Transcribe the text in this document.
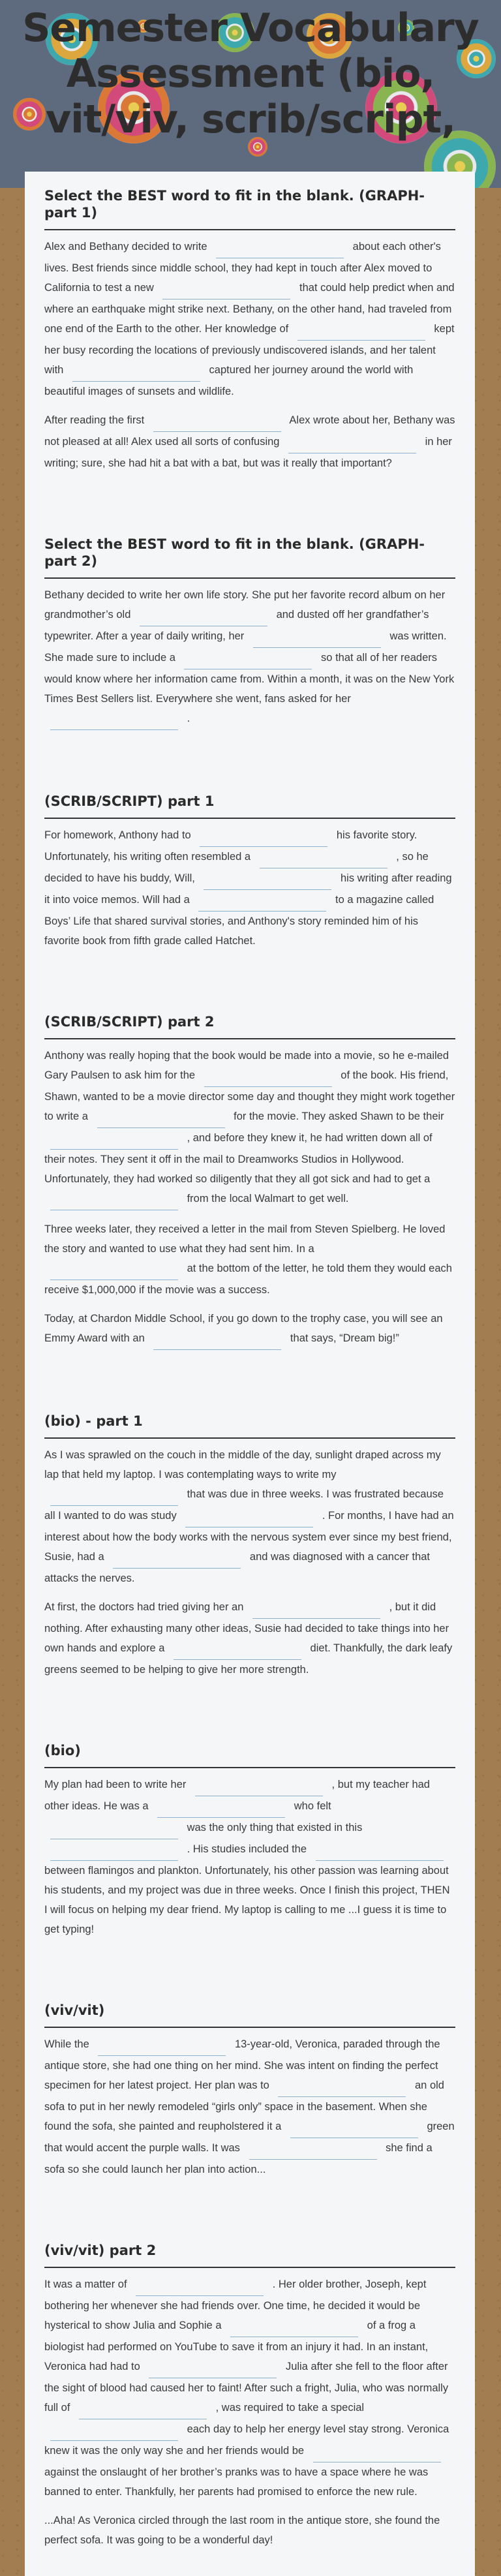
Semester Vocabulary Assessment (bio, vit/viv, scrib/script,
Select the BEST word to fit in the blank. (GRAPH-part 1)

Alex and Bethany decided to write	about each other's lives. Best friends since middle school, they had kept in touch after Alex moved to California to test a new	that could help predict when and where an earthquake might strike next. Bethany, on the other hand, had traveled from one end of the Earth to the other. Her knowledge of	kept her busy recording the locations of previously undiscovered islands, and her talent with	captured her journey around the world with beautiful images of sunsets and wildlife.

After reading the first	Alex wrote about her, Bethany was not pleased at all! Alex used all sorts of confusing	in her writing; sure, she had hit a bat with a bat, but was it really that important?

Select the BEST word to fit in the blank. (GRAPH-part 2)

Bethany decided to write her own life story. She put her favorite record album on her grandmother’s old	and dusted off her grandfather’s typewriter. After a year of daily writing, her	was written. She made sure to include a	so that all of her readers would know where her information came from. Within a month, it was on the New York Times Best Sellers list. Everywhere she went, fans asked for her  .

(SCRIB/SCRIPT) part 1

For homework, Anthony had to	his favorite story. Unfortunately, his writing often resembled a	, so he decided to have his buddy, Will,	his writing after reading it into voice memos. Will had a	to a magazine called Boys’ Life that shared survival stories, and Anthony's story reminded him of his favorite book from fifth grade called Hatchet.

(SCRIB/SCRIPT) part 2

Anthony was really hoping that the book would be made into a movie, so he e-mailed Gary Paulsen to ask him for the	of the book. His friend, Shawn, wanted to be a movie director some day and thought they might work together to write a	for the movie. They asked Shawn to be their  , and before they knew it, he had written down all of their notes. They sent it off in the mail to Dreamworks Studios in Hollywood. Unfortunately, they had worked so diligently that they all got sick and had to get a  from the local Walmart to get well.

Three weeks later, they received a letter in the mail from Steven Spielberg. He loved the story and wanted to use what they had sent him. In a  at the bottom of the letter, he told them they would each receive $1,000,000 if the movie was a success.

Today, at Chardon Middle School, if you go down to the trophy case, you will see an Emmy Award with an	that says, “Dream big!”

(bio) - part 1

As I was sprawled on the couch in the middle of the day, sunlight draped across my lap that held my laptop. I was contemplating ways to write my  that was due in three weeks. I was frustrated because all I wanted to do was study	. For months, I have had an interest about how the body works with the nervous system ever since my best friend, Susie, had a	and was diagnosed with a cancer that attacks the nerves.

At first, the doctors had tried giving her an	, but it did nothing. After exhausting many other ideas, Susie had decided to take things into her own hands and explore a	diet. Thankfully, the dark leafy greens seemed to be helping to give her more strength.

(bio)

My plan had been to write her	, but my teacher had other ideas. He was a	who felt  was the only thing that existed in this  . His studies included the  between flamingos and plankton. Unfortunately, his other passion was learning about his students, and my project was due in three weeks. Once I finish this project, THEN I will focus on helping my dear friend. My laptop is calling to me ...I guess it is time to get typing!

(viv/vit)

While the	13-year-old, Veronica, paraded through the antique store, she had one thing on her mind. She was intent on finding the perfect specimen for her latest project. Her plan was to	an old sofa to put in her newly remodeled “girls only” space in the basement. When she found the sofa, she painted and reupholstered it a	green that would accent the purple walls. It was	she find a sofa so she could launch her plan into action...

(viv/vit) part 2

It was a matter of	. Her older brother, Joseph, kept bothering her whenever she had friends over. One time, he decided it would be hysterical to show Julia and Sophie a	of a frog a biologist had performed on YouTube to save it from an injury it had. In an instant, Veronica had had to	Julia after she fell to the floor after the sight of blood had caused her to faint! After such a fright, Julia, who was normally full of	, was required to take a special  each day to help her energy level stay strong. Veronica knew it was the only way she and her friends would be  against the onslaught of her brother’s pranks was to have a space where he was banned to enter. Thankfully, her parents had promised to enforce the new rule.

...Aha! As Veronica circled through the last room in the antique store, she found the perfect sofa. It was going to be a wonderful day!
